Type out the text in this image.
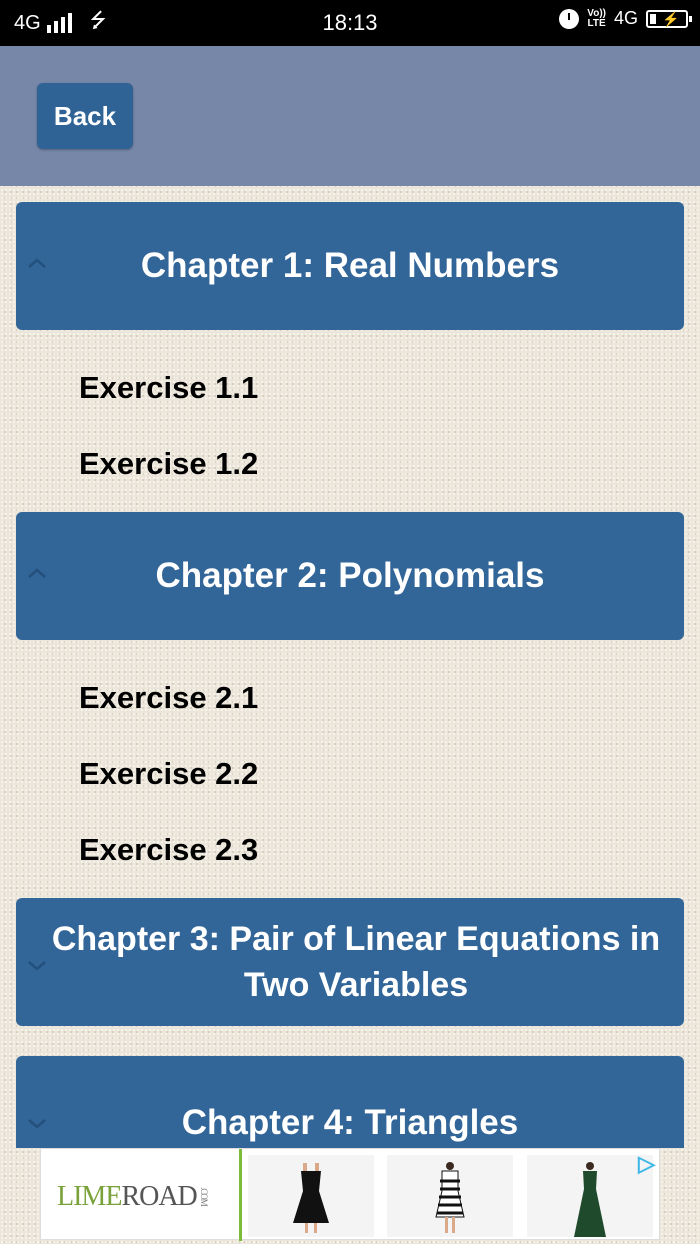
4G ⭍	18:13	Vo))
LTE 4G ⚡
Back
Chapter 1: Real Numbers
Exercise 1.1
Exercise 1.2
Chapter 2: Polynomials
Exercise 2.1
Exercise 2.2
Exercise 2.3
Chapter 3: Pair of Linear Equations in Two Variables
Chapter 4: Triangles
LIMEROAD .COM
▷
